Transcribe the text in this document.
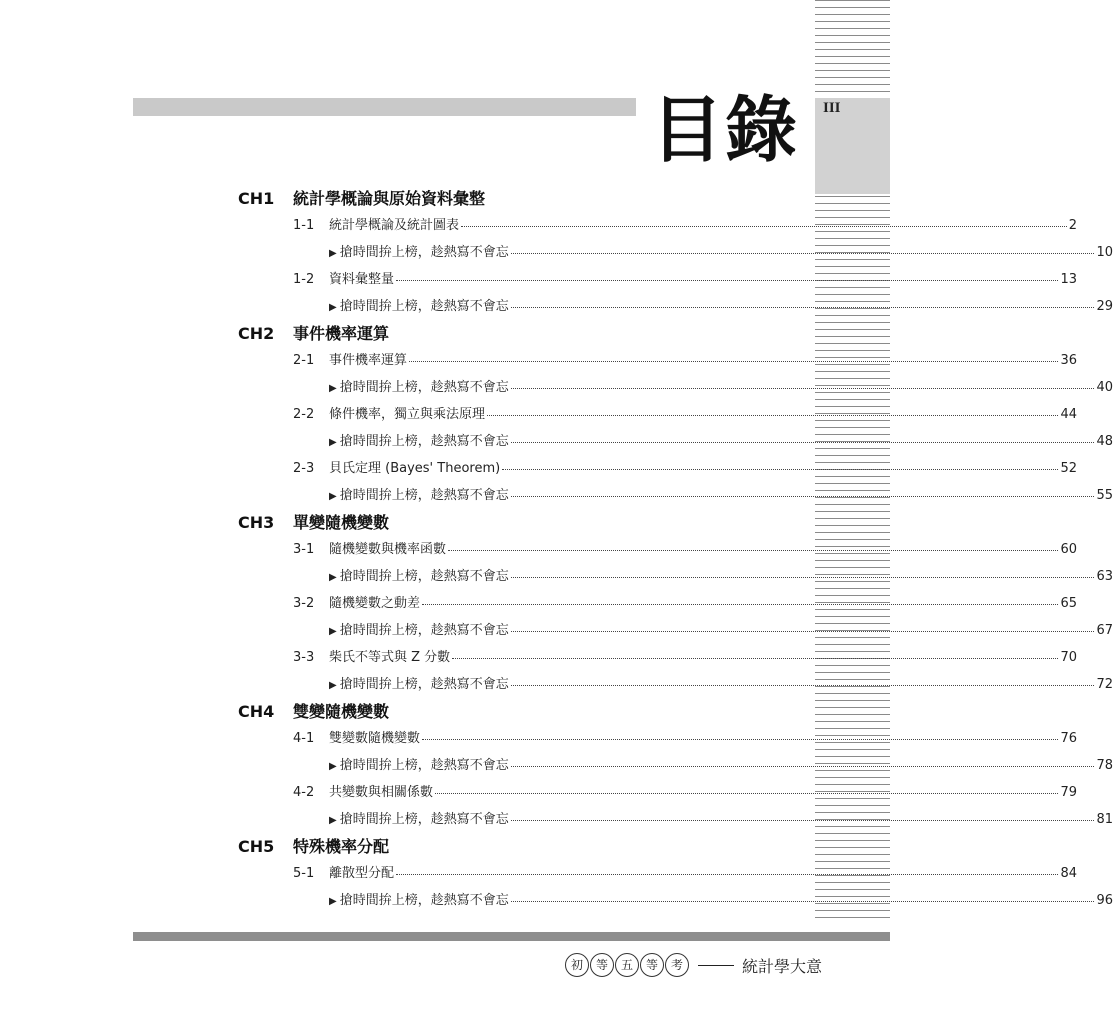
III
目錄
CH1 統計學概論與原始資料彙整
1-1	統計學概論及統計圖表	2
▶ 搶時間拚上榜，趁熱寫不會忘	10
1-2	資料彙整量	13
▶ 搶時間拚上榜，趁熱寫不會忘	29
CH2 事件機率運算
2-1	事件機率運算	36
▶ 搶時間拚上榜，趁熱寫不會忘	40
2-2	條件機率，獨立與乘法原理	44
▶ 搶時間拚上榜，趁熱寫不會忘	48
2-3	貝氏定理 (Bayes' Theorem)	52
▶ 搶時間拚上榜，趁熱寫不會忘	55
CH3 單變隨機變數
3-1	隨機變數與機率函數	60
▶ 搶時間拚上榜，趁熱寫不會忘	63
3-2	隨機變數之動差	65
▶ 搶時間拚上榜，趁熱寫不會忘	67
3-3	柴氏不等式與 Z 分數	70
▶ 搶時間拚上榜，趁熱寫不會忘	72
CH4 雙變隨機變數
4-1	雙變數隨機變數	76
▶ 搶時間拚上榜，趁熱寫不會忘	78
4-2	共變數與相關係數	79
▶ 搶時間拚上榜，趁熱寫不會忘	81
CH5 特殊機率分配
5-1	離散型分配	84
▶ 搶時間拚上榜，趁熱寫不會忘	96
初 等 五 等 考	統計學大意
